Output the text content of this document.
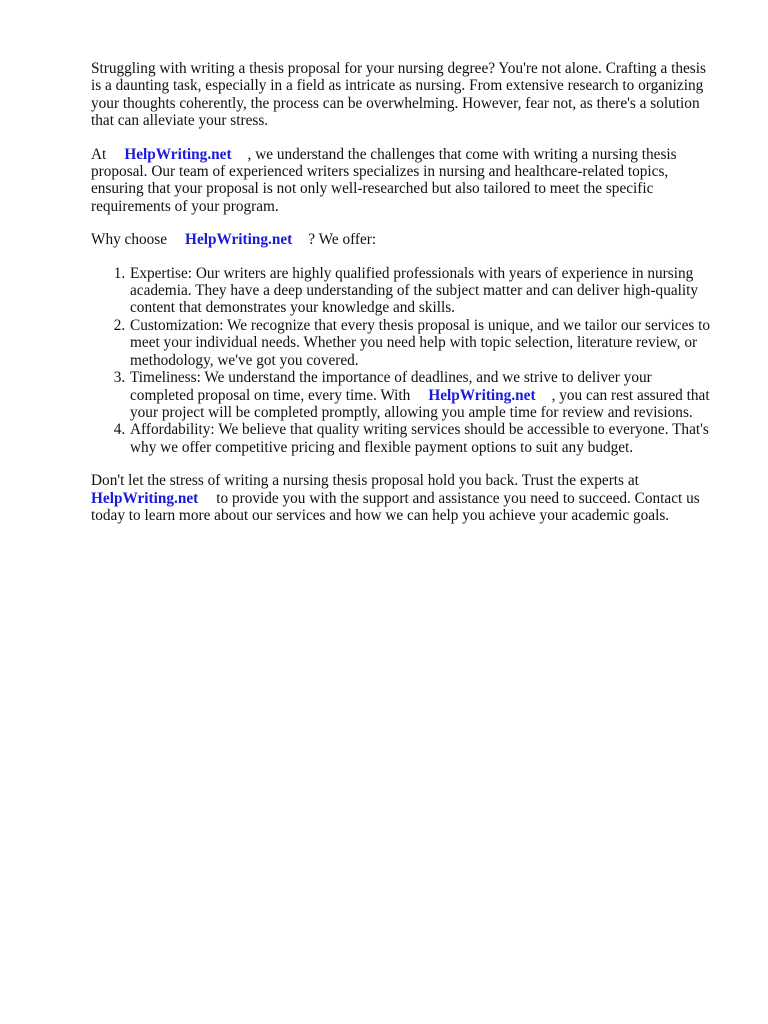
Struggling with writing a thesis proposal for your nursing degree? You're not alone. Crafting a thesis is a daunting task, especially in a field as intricate as nursing. From extensive research to organizing your thoughts coherently, the process can be overwhelming. However, fear not, as there's a solution that can alleviate your stress.

At HelpWriting.net , we understand the challenges that come with writing a nursing thesis proposal. Our team of experienced writers specializes in nursing and healthcare-related topics, ensuring that your proposal is not only well-researched but also tailored to meet the specific requirements of your program.

Why choose HelpWriting.net ? We offer:

1. Expertise: Our writers are highly qualified professionals with years of experience in nursing academia. They have a deep understanding of the subject matter and can deliver high-quality content that demonstrates your knowledge and skills.
2. Customization: We recognize that every thesis proposal is unique, and we tailor our services to meet your individual needs. Whether you need help with topic selection, literature review, or methodology, we've got you covered.
3. Timeliness: We understand the importance of deadlines, and we strive to deliver your completed proposal on time, every time. With HelpWriting.net , you can rest assured that your project will be completed promptly, allowing you ample time for review and revisions.
4. Affordability: We believe that quality writing services should be accessible to everyone. That's why we offer competitive pricing and flexible payment options to suit any budget.

Don't let the stress of writing a nursing thesis proposal hold you back. Trust the experts at HelpWriting.net to provide you with the support and assistance you need to succeed. Contact us today to learn more about our services and how we can help you achieve your academic goals.
